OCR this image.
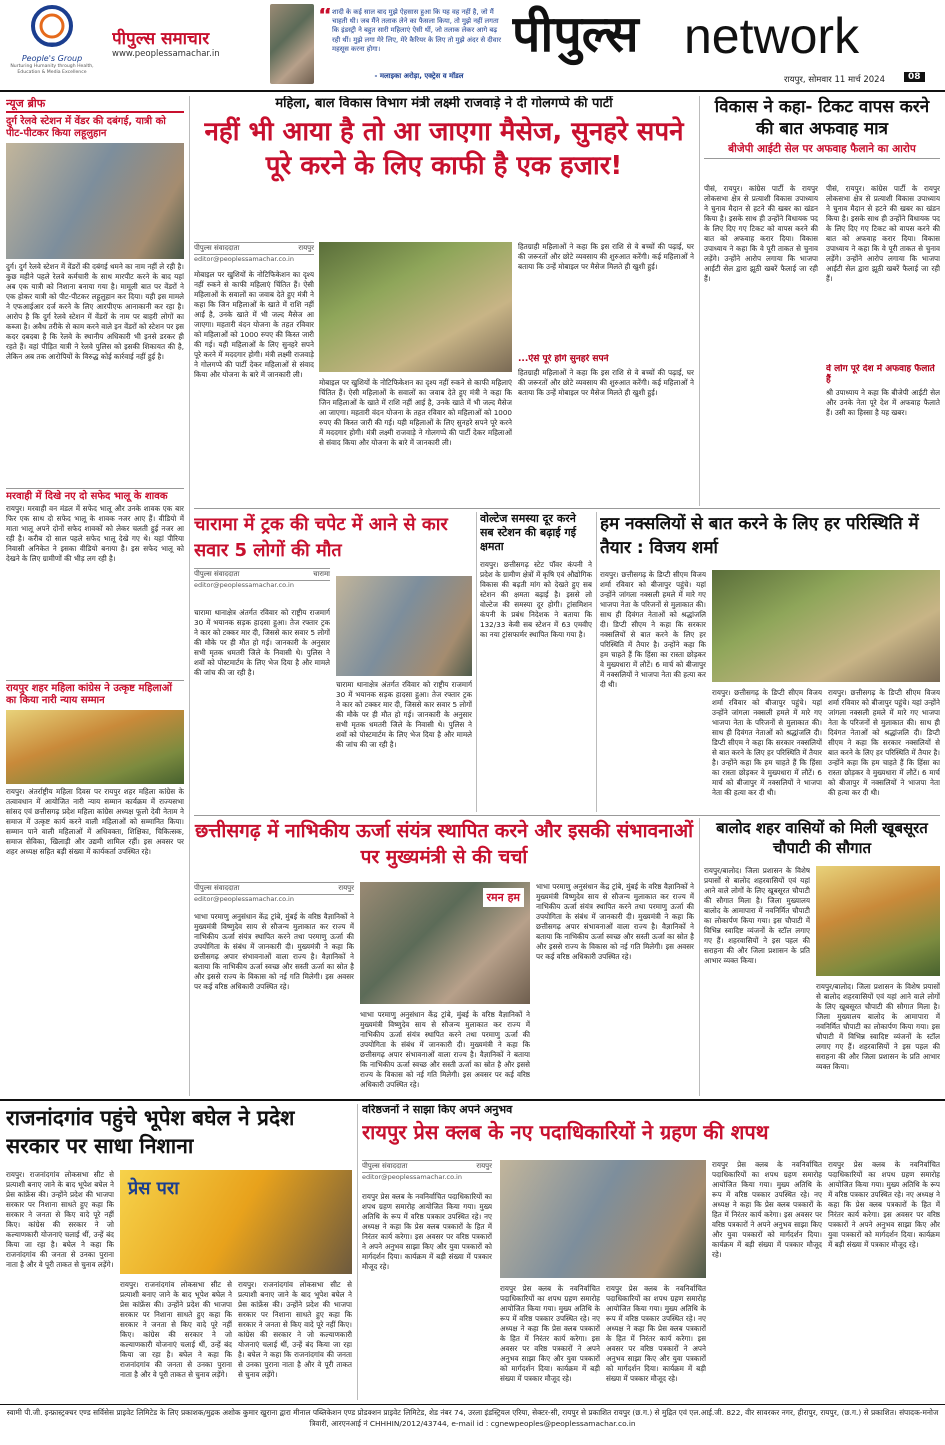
People's Group
Nurturing Humanity through Health, Education & Media Excellence
पीपुल्स समाचार
www.peoplessamachar.in
“ शादी के कई साल बाद मुझे ऐहसास हुआ कि यह वह नहीं है, जो मैं चाहती थी। जब मैंने तलाक लेने का फैसला किया, तो मुझे नहीं लगता कि इंडस्ट्री ने बहुत सारी महिलाएं ऐसी थीं, जो तलाक लेकर आगे बढ़ रही थीं। मुझे लगा मेरे लिए, मेरे कैरियर के लिए तो मुझे अंदर से दीवार महसूस करना होगा।
- मलाइका अरोड़ा, एक्ट्रेस व मॉडल
पीपुल्स network
रायपुर, सोमवार 11 मार्च 2024	08
न्यूज ब्रीफ
दुर्ग रेलवे स्टेशन में वेंडर की दबंगई, यात्री को पीट-पीटकर किया लहूलुहान
दुर्ग। दुर्ग रेलवे स्टेशन में वेंडरों की दबंगई थमने का नाम नहीं ले रही है। कुछ महीने पहले रेलवे कर्मचारी के साथ मारपीट करने के बाद यहां अब एक यात्री को निशाना बनाया गया है। मामूली बात पर वेंडरों ने एक होकर यात्री को पीट-पीटकर लहूलुहान कर दिया। यही इस मामले ने एफआईआर दर्ज करने के लिए आरपीएफ आनाकानी कर रहा है। आरोप है कि दुर्ग रेलवे स्टेशन में वेंडरों के नाम पर बाहरी लोगों का कब्जा है। अवैध तरीके से काम करने वाले इन वेंडरों को स्टेशन पर इस कदर दबदबा है कि रेलवे के स्थानीय अधिकारी भी इनसे डरकर ही रहते हैं। वहां पीड़ित यात्री ने रेलवे पुलिस को इसकी शिकायत की है, लेकिन अब तक आरोपियों के विरुद्ध कोई कार्रवाई नहीं हुई है।
मरवाही में दिखे नए दो सफेद भालू के शावक
रायपुर। मरवाही वन मंडल में सफेद भालू और उनके शावक एक बार फिर एक साथ दो सफेद भालू के शावक नजर आए हैं। वीडियो में माता भालू अपने दोनों सफेद शावकों को लेकर चलती हुई नजर आ रही है। करीब दो साल पहले सफेद भालू देखे गए थे। यहां पीरिया निवासी अनिकेत ने इसका वीडियो बनाया है। इस सफेद भालू को देखने के लिए ग्रामीणों की भीड़ लग रही है।
रायपुर शहर महिला कांग्रेस ने उत्कृष्ट महिलाओं का किया नारी न्याय सम्मान
रायपुर। अंतर्राष्ट्रीय महिला दिवस पर रायपुर शहर महिला कांग्रेस के तत्वावधान में आयोजित नारी न्याय सम्मान कार्यक्रम में राज्यसभा सांसद एवं छत्तीसगढ़ प्रदेश महिला कांग्रेस अध्यक्ष फूलो देवी नेताम ने समाज में उत्कृष्ट कार्य करने वाली महिलाओं को सम्मानित किया। सम्मान पाने वाली महिलाओं में अधिवक्ता, शिक्षिका, चिकित्सक, समाज सेविका, खिलाड़ी और उद्यमी शामिल रहीं। इस अवसर पर शहर अध्यक्ष सहित बड़ी संख्या में कार्यकर्ता उपस्थित रहे।
महिला, बाल विकास विभाग मंत्री लक्ष्मी राजवाड़े ने दी गोलगप्पे की पार्टी
नहीं भी आया है तो आ जाएगा मैसेज, सुनहरे सपने पूरे करने के लिए काफी है एक हजार!
पीपुल्स संवाददाता	रायपुर
editor@peoplessamachar.co.in
मोबाइल पर खुशियों के नोटिफिकेशन का दृश्य नहीं रुकने से काफी महिलाएं चिंतित हैं। ऐसी महिलाओं के सवालों का जवाब देते हुए मंत्री ने कहा कि जिन महिलाओं के खाते में राशि नहीं आई है, उनके खाते में भी जल्द मैसेज आ जाएगा। महतारी वंदन योजना के तहत रविवार को महिलाओं को 1000 रुपए की किस्त जारी की गई। यही महिलाओं के लिए सुनहरे सपने पूरे करने में मददगार होगी। मंत्री लक्ष्मी राजवाड़े ने गोलगप्पे की पार्टी देकर महिलाओं से संवाद किया और योजना के बारे में जानकारी ली।
मोबाइल पर खुशियों के नोटिफिकेशन का दृश्य नहीं रुकने से काफी महिलाएं चिंतित हैं। ऐसी महिलाओं के सवालों का जवाब देते हुए मंत्री ने कहा कि जिन महिलाओं के खाते में राशि नहीं आई है, उनके खाते में भी जल्द मैसेज आ जाएगा। महतारी वंदन योजना के तहत रविवार को महिलाओं को 1000 रुपए की किस्त जारी की गई। यही महिलाओं के लिए सुनहरे सपने पूरे करने में मददगार होगी। मंत्री लक्ष्मी राजवाड़े ने गोलगप्पे की पार्टी देकर महिलाओं से संवाद किया और योजना के बारे में जानकारी ली।
हितग्राही महिलाओं ने कहा कि इस राशि से वे बच्चों की पढ़ाई, घर की जरूरतों और छोटे व्यवसाय की शुरुआत करेंगी। कई महिलाओं ने बताया कि उन्हें मोबाइल पर मैसेज मिलते ही खुशी हुई।
...ऐसे पूरे होंगे सुनहरे सपने
हितग्राही महिलाओं ने कहा कि इस राशि से वे बच्चों की पढ़ाई, घर की जरूरतों और छोटे व्यवसाय की शुरुआत करेंगी। कई महिलाओं ने बताया कि उन्हें मोबाइल पर मैसेज मिलते ही खुशी हुई।
विकास ने कहा- टिकट वापस करने की बात अफवाह मात्र
बीजेपी आईटी सेल पर अफवाह फैलाने का आरोप
पीसं, रायपुर। कांग्रेस पार्टी के रायपुर लोकसभा क्षेत्र से प्रत्याशी विकास उपाध्याय ने चुनाव मैदान से हटने की खबर का खंडन किया है। इसके साथ ही उन्होंने विधायक पद के लिए दिए गए टिकट को वापस करने की बात को अफवाह करार दिया। विकास उपाध्याय ने कहा कि वे पूरी ताकत से चुनाव लड़ेंगे। उन्होंने आरोप लगाया कि भाजपा आईटी सेल द्वारा झूठी खबरें फैलाई जा रही हैं।
पीसं, रायपुर। कांग्रेस पार्टी के रायपुर लोकसभा क्षेत्र से प्रत्याशी विकास उपाध्याय ने चुनाव मैदान से हटने की खबर का खंडन किया है। इसके साथ ही उन्होंने विधायक पद के लिए दिए गए टिकट को वापस करने की बात को अफवाह करार दिया। विकास उपाध्याय ने कहा कि वे पूरी ताकत से चुनाव लड़ेंगे। उन्होंने आरोप लगाया कि भाजपा आईटी सेल द्वारा झूठी खबरें फैलाई जा रही हैं।
वे लोग पूरे देश में अफवाह फैलाते हैं
श्री उपाध्याय ने कहा कि बीजेपी आईटी सेल और उनके नेता पूरे देश में अफवाह फैलाते हैं। उसी का हिस्सा है यह खबर।
चारामा में ट्रक की चपेट में आने से कार सवार 5 लोगों की मौत
पीपुल्स संवाददाता	चारामा
editor@peoplessamachar.co.in
चारामा थानाक्षेत्र अंतर्गत रविवार को राष्ट्रीय राजमार्ग 30 में भयानक सड़क हादसा हुआ। तेज रफ्तार ट्रक ने कार को टक्कर मार दी, जिससे कार सवार 5 लोगों की मौके पर ही मौत हो गई। जानकारी के अनुसार सभी मृतक धमतरी जिले के निवासी थे। पुलिस ने शवों को पोस्टमार्टम के लिए भेज दिया है और मामले की जांच की जा रही है।
चारामा थानाक्षेत्र अंतर्गत रविवार को राष्ट्रीय राजमार्ग 30 में भयानक सड़क हादसा हुआ। तेज रफ्तार ट्रक ने कार को टक्कर मार दी, जिससे कार सवार 5 लोगों की मौके पर ही मौत हो गई। जानकारी के अनुसार सभी मृतक धमतरी जिले के निवासी थे। पुलिस ने शवों को पोस्टमार्टम के लिए भेज दिया है और मामले की जांच की जा रही है।
वोल्टेज समस्या दूर करने सब स्टेशन की बढ़ाई गई क्षमता
रायपुर। छत्तीसगढ़ स्टेट पॉवर कंपनी ने प्रदेश के ग्रामीण क्षेत्रों में कृषि एवं औद्योगिक विकास की बढ़ती मांग को देखते हुए सब स्टेशन की क्षमता बढ़ाई है। इससे लो वोल्टेज की समस्या दूर होगी। ट्रांसमिशन कंपनी के प्रबंध निदेशक ने बताया कि 132/33 केवी सब स्टेशन में 63 एमवीए का नया ट्रांसफार्मर स्थापित किया गया है।
हम नक्सलियों से बात करने के लिए हर परिस्थिति में तैयार : विजय शर्मा
रायपुर। छत्तीसगढ़ के डिप्टी सीएम विजय शर्मा रविवार को बीजापुर पहुंचे। यहां उन्होंने जांगला नक्सली हमले में मारे गए भाजपा नेता के परिजनों से मुलाकात की। साथ ही दिवंगत नेताओं को श्रद्धांजलि दी। डिप्टी सीएम ने कहा कि सरकार नक्सलियों से बात करने के लिए हर परिस्थिति में तैयार है। उन्होंने कहा कि हम चाहते हैं कि हिंसा का रास्ता छोड़कर वे मुख्यधारा में लौटें। 6 मार्च को बीजापुर में नक्सलियों ने भाजपा नेता की हत्या कर दी थी।
रायपुर। छत्तीसगढ़ के डिप्टी सीएम विजय शर्मा रविवार को बीजापुर पहुंचे। यहां उन्होंने जांगला नक्सली हमले में मारे गए भाजपा नेता के परिजनों से मुलाकात की। साथ ही दिवंगत नेताओं को श्रद्धांजलि दी। डिप्टी सीएम ने कहा कि सरकार नक्सलियों से बात करने के लिए हर परिस्थिति में तैयार है। उन्होंने कहा कि हम चाहते हैं कि हिंसा का रास्ता छोड़कर वे मुख्यधारा में लौटें। 6 मार्च को बीजापुर में नक्सलियों ने भाजपा नेता की हत्या कर दी थी।
रायपुर। छत्तीसगढ़ के डिप्टी सीएम विजय शर्मा रविवार को बीजापुर पहुंचे। यहां उन्होंने जांगला नक्सली हमले में मारे गए भाजपा नेता के परिजनों से मुलाकात की। साथ ही दिवंगत नेताओं को श्रद्धांजलि दी। डिप्टी सीएम ने कहा कि सरकार नक्सलियों से बात करने के लिए हर परिस्थिति में तैयार है। उन्होंने कहा कि हम चाहते हैं कि हिंसा का रास्ता छोड़कर वे मुख्यधारा में लौटें। 6 मार्च को बीजापुर में नक्सलियों ने भाजपा नेता की हत्या कर दी थी।
छत्तीसगढ़ में नाभिकीय ऊर्जा संयंत्र स्थापित करने और इसकी संभावनाओं पर मुख्यमंत्री से की चर्चा
पीपुल्स संवाददाता	रायपुर
editor@peoplessamachar.co.in	रमन हम
भाभा परमाणु अनुसंधान केंद्र ट्रांबे, मुंबई के वरिष्ठ वैज्ञानिकों ने मुख्यमंत्री विष्णुदेव साय से सौजन्य मुलाकात कर राज्य में नाभिकीय ऊर्जा संयंत्र स्थापित करने तथा परमाणु ऊर्जा की उपयोगिता के संबंध में जानकारी दी। मुख्यमंत्री ने कहा कि छत्तीसगढ़ अपार संभावनाओं वाला राज्य है। वैज्ञानिकों ने बताया कि नाभिकीय ऊर्जा स्वच्छ और सस्ती ऊर्जा का स्रोत है और इससे राज्य के विकास को नई गति मिलेगी। इस अवसर पर कई वरिष्ठ अधिकारी उपस्थित रहे।
भाभा परमाणु अनुसंधान केंद्र ट्रांबे, मुंबई के वरिष्ठ वैज्ञानिकों ने मुख्यमंत्री विष्णुदेव साय से सौजन्य मुलाकात कर राज्य में नाभिकीय ऊर्जा संयंत्र स्थापित करने तथा परमाणु ऊर्जा की उपयोगिता के संबंध में जानकारी दी। मुख्यमंत्री ने कहा कि छत्तीसगढ़ अपार संभावनाओं वाला राज्य है। वैज्ञानिकों ने बताया कि नाभिकीय ऊर्जा स्वच्छ और सस्ती ऊर्जा का स्रोत है और इससे राज्य के विकास को नई गति मिलेगी। इस अवसर पर कई वरिष्ठ अधिकारी उपस्थित रहे।
भाभा परमाणु अनुसंधान केंद्र ट्रांबे, मुंबई के वरिष्ठ वैज्ञानिकों ने मुख्यमंत्री विष्णुदेव साय से सौजन्य मुलाकात कर राज्य में नाभिकीय ऊर्जा संयंत्र स्थापित करने तथा परमाणु ऊर्जा की उपयोगिता के संबंध में जानकारी दी। मुख्यमंत्री ने कहा कि छत्तीसगढ़ अपार संभावनाओं वाला राज्य है। वैज्ञानिकों ने बताया कि नाभिकीय ऊर्जा स्वच्छ और सस्ती ऊर्जा का स्रोत है और इससे राज्य के विकास को नई गति मिलेगी। इस अवसर पर कई वरिष्ठ अधिकारी उपस्थित रहे।
बालोद शहर वासियों को मिली खूबसूरत चौपाटी की सौगात
रायपुर/बालोद। जिला प्रशासन के विशेष प्रयासों से बालोद शहरवासियों एवं यहां आने वाले लोगों के लिए खूबसूरत चौपाटी की सौगात मिला है। जिला मुख्यालय बालोद के आमापारा में नवनिर्मित चौपाटी का लोकार्पण किया गया। इस चौपाटी में विभिन्न स्वादिष्ट व्यंजनों के स्टॉल लगाए गए हैं। शहरवासियों ने इस पहल की सराहना की और जिला प्रशासन के प्रति आभार व्यक्त किया।
रायपुर/बालोद। जिला प्रशासन के विशेष प्रयासों से बालोद शहरवासियों एवं यहां आने वाले लोगों के लिए खूबसूरत चौपाटी की सौगात मिला है। जिला मुख्यालय बालोद के आमापारा में नवनिर्मित चौपाटी का लोकार्पण किया गया। इस चौपाटी में विभिन्न स्वादिष्ट व्यंजनों के स्टॉल लगाए गए हैं। शहरवासियों ने इस पहल की सराहना की और जिला प्रशासन के प्रति आभार व्यक्त किया।
राजनांदगांव पहुंचे भूपेश बघेल ने प्रदेश सरकार पर साधा निशाना
रायपुर। राजनांदगांव लोकसभा सीट से प्रत्याशी बनाए जाने के बाद भूपेश बघेल ने प्रेस कांफ्रेंस की। उन्होंने प्रदेश की भाजपा सरकार पर निशाना साधते हुए कहा कि सरकार ने जनता से किए वादे पूरे नहीं किए। कांग्रेस की सरकार ने जो कल्याणकारी योजनाएं चलाई थीं, उन्हें बंद किया जा रहा है। बघेल ने कहा कि राजनांदगांव की जनता से उनका पुराना नाता है और वे पूरी ताकत से चुनाव लड़ेंगे।
प्रेस परा
रायपुर। राजनांदगांव लोकसभा सीट से प्रत्याशी बनाए जाने के बाद भूपेश बघेल ने प्रेस कांफ्रेंस की। उन्होंने प्रदेश की भाजपा सरकार पर निशाना साधते हुए कहा कि सरकार ने जनता से किए वादे पूरे नहीं किए। कांग्रेस की सरकार ने जो कल्याणकारी योजनाएं चलाई थीं, उन्हें बंद किया जा रहा है। बघेल ने कहा कि राजनांदगांव की जनता से उनका पुराना नाता है और वे पूरी ताकत से चुनाव लड़ेंगे।
रायपुर। राजनांदगांव लोकसभा सीट से प्रत्याशी बनाए जाने के बाद भूपेश बघेल ने प्रेस कांफ्रेंस की। उन्होंने प्रदेश की भाजपा सरकार पर निशाना साधते हुए कहा कि सरकार ने जनता से किए वादे पूरे नहीं किए। कांग्रेस की सरकार ने जो कल्याणकारी योजनाएं चलाई थीं, उन्हें बंद किया जा रहा है। बघेल ने कहा कि राजनांदगांव की जनता से उनका पुराना नाता है और वे पूरी ताकत से चुनाव लड़ेंगे।
वरिष्ठजनों ने साझा किए अपने अनुभव
रायपुर प्रेस क्लब के नए पदाधिकारियों ने ग्रहण की शपथ
पीपुल्स संवाददाता	रायपुर
editor@peoplessamachar.co.in
रायपुर प्रेस क्लब के नवनिर्वाचित पदाधिकारियों का शपथ ग्रहण समारोह आयोजित किया गया। मुख्य अतिथि के रूप में वरिष्ठ पत्रकार उपस्थित रहे। नए अध्यक्ष ने कहा कि प्रेस क्लब पत्रकारों के हित में निरंतर कार्य करेगा। इस अवसर पर वरिष्ठ पत्रकारों ने अपने अनुभव साझा किए और युवा पत्रकारों को मार्गदर्शन दिया। कार्यक्रम में बड़ी संख्या में पत्रकार मौजूद रहे।
रायपुर प्रेस क्लब के नवनिर्वाचित पदाधिकारियों का शपथ ग्रहण समारोह आयोजित किया गया। मुख्य अतिथि के रूप में वरिष्ठ पत्रकार उपस्थित रहे। नए अध्यक्ष ने कहा कि प्रेस क्लब पत्रकारों के हित में निरंतर कार्य करेगा। इस अवसर पर वरिष्ठ पत्रकारों ने अपने अनुभव साझा किए और युवा पत्रकारों को मार्गदर्शन दिया। कार्यक्रम में बड़ी संख्या में पत्रकार मौजूद रहे।
रायपुर प्रेस क्लब के नवनिर्वाचित पदाधिकारियों का शपथ ग्रहण समारोह आयोजित किया गया। मुख्य अतिथि के रूप में वरिष्ठ पत्रकार उपस्थित रहे। नए अध्यक्ष ने कहा कि प्रेस क्लब पत्रकारों के हित में निरंतर कार्य करेगा। इस अवसर पर वरिष्ठ पत्रकारों ने अपने अनुभव साझा किए और युवा पत्रकारों को मार्गदर्शन दिया। कार्यक्रम में बड़ी संख्या में पत्रकार मौजूद रहे।
रायपुर प्रेस क्लब के नवनिर्वाचित पदाधिकारियों का शपथ ग्रहण समारोह आयोजित किया गया। मुख्य अतिथि के रूप में वरिष्ठ पत्रकार उपस्थित रहे। नए अध्यक्ष ने कहा कि प्रेस क्लब पत्रकारों के हित में निरंतर कार्य करेगा। इस अवसर पर वरिष्ठ पत्रकारों ने अपने अनुभव साझा किए और युवा पत्रकारों को मार्गदर्शन दिया। कार्यक्रम में बड़ी संख्या में पत्रकार मौजूद रहे।
रायपुर प्रेस क्लब के नवनिर्वाचित पदाधिकारियों का शपथ ग्रहण समारोह आयोजित किया गया। मुख्य अतिथि के रूप में वरिष्ठ पत्रकार उपस्थित रहे। नए अध्यक्ष ने कहा कि प्रेस क्लब पत्रकारों के हित में निरंतर कार्य करेगा। इस अवसर पर वरिष्ठ पत्रकारों ने अपने अनुभव साझा किए और युवा पत्रकारों को मार्गदर्शन दिया। कार्यक्रम में बड़ी संख्या में पत्रकार मौजूद रहे।
स्वामी पी.जी. इन्फ्रास्ट्रक्चर एण्ड सर्विसेस प्राइवेट लिमिटेड के लिए प्रकाशक/मुद्रक अशोक कुमार खुराना द्वारा मीनाल पब्लिकेशन एण्ड प्रोडक्शन प्राइवेट लिमिटेड, शेड नंबर 74, उरला इंडस्ट्रियल एरिया, सेक्टर-सी, रायपुर से प्रकाशित रायपुर (छ.ग.) से मुद्रित एवं एल.आई.जी. 822, वीर सावरकर नगर, हीरापुर, रायपुर, (छ.ग.) से प्रकाशित। संपादक-मनोज त्रिवारी, आरएनआई नं CHHHIN/2012/43744, e-mail id : cgnewpeoples@peoplessamachar.co.in
